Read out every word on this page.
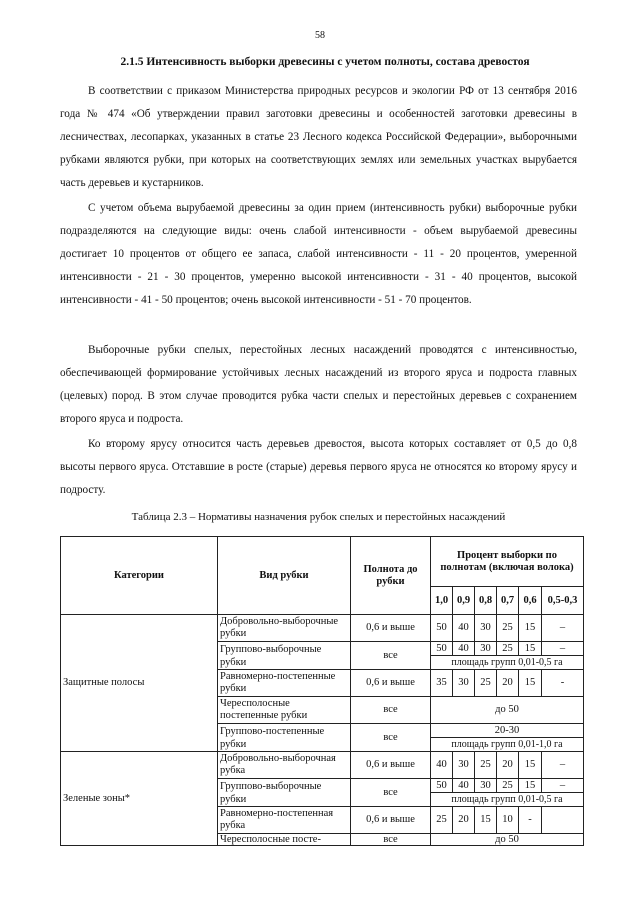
58
2.1.5 Интенсивность выборки древесины с учетом полноты, состава древостоя

В соответствии с приказом Министерства природных ресурсов и экологии РФ от 13 сентября 2016 года № 474 «Об утверждении правил заготовки древесины и особенностей заготовки древесины в лесничествах, лесопарках, указанных в статье 23 Лесного кодекса Российской Федерации», выборочными рубками являются рубки, при которых на соответствующих землях или земельных участках вырубается часть деревьев и кустарников.

С учетом объема вырубаемой древесины за один прием (интенсивность рубки) выборочные рубки подразделяются на следующие виды: очень слабой интенсивности - объем вырубаемой древесины достигает 10 процентов от общего ее запаса, слабой интенсивности - 11 - 20 процентов, умеренной интенсивности - 21 - 30 процентов, умеренно высокой интенсивности - 31 - 40 процентов, высокой интенсивности - 41 - 50 процентов; очень высокой интенсивности - 51 - 70 процентов.

Выборочные рубки спелых, перестойных лесных насаждений проводятся с интенсивностью, обеспечивающей формирование устойчивых лесных насаждений из второго яруса и подроста главных (целевых) пород. В этом случае проводится рубка части спелых и перестойных деревьев с сохранением второго яруса и подроста.

Ко второму ярусу относится часть деревьев древостоя, высота которых составляет от 0,5 до 0,8 высоты первого яруса. Отставшие в росте (старые) деревья первого яруса не относятся ко второму ярусу и подросту.

Таблица 2.3 – Нормативы назначения рубок спелых и перестойных насаждений
Категории	Вид рубки	Полнота до рубки	Процент выборки по полнотам (включая волока)					
			1,0	0,9	0,8	0,7	0,6	0,5-0,3
Защитные полосы	Добровольно-выборочные рубки	0,6 и выше	50	40	30	25	15	–
	Группово-выборочные рубки	все	50	40	30	25	15	–
			площадь групп 0,01-0,5 га					
	Равномерно-постепенные рубки	0,6 и выше	35	30	25	20	15	-
	Чересполосные постепенные рубки	все	до 50					
	Группово-постепенные рубки	все	20-30					
			площадь групп 0,01-1,0 га					

Зеленые зоны*	Добровольно-выборочная рубка	0,6 и выше	40	30	25	20	15	–
	Группово-выборочные рубки	все	50	40	30	25	15	–
			площадь групп 0,01-0,5 га					
	Равномерно-постепенная рубка	0,6 и выше	25	20	15	10	-	
	Чересполосные посте-	все	до 50					
